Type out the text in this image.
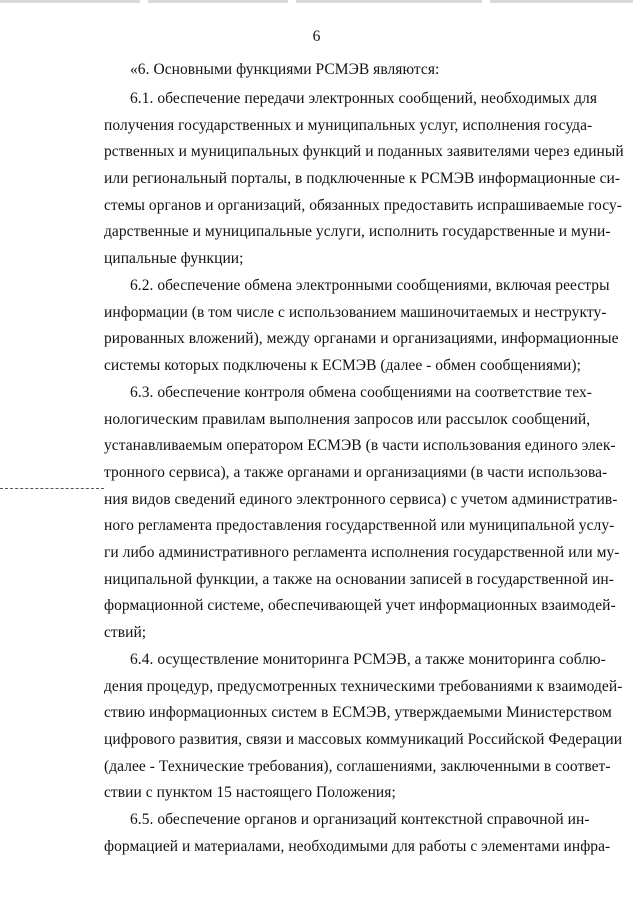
6
«6. Основными функциями РСМЭВ являются:
6.1. обеспечение передачи электронных сообщений, необходимых для
получения государственных и муниципальных услуг, исполнения госуда-
рственных и муниципальных функций и поданных заявителями через единый
или региональный порталы, в подключенные к РСМЭВ информационные си-
стемы органов и организаций, обязанных предоставить испрашиваемые госу-
дарственные и муниципальные услуги, исполнить государственные и муни-
ципальные функции;
6.2. обеспечение обмена электронными сообщениями, включая реестры
информации (в том числе с использованием машиночитаемых и неструкту-
рированных вложений), между органами и организациями, информационные
системы которых подключены к ЕСМЭВ (далее - обмен сообщениями);
6.3. обеспечение контроля обмена сообщениями на соответствие тех-
нологическим правилам выполнения запросов или рассылок сообщений,
устанавливаемым оператором ЕСМЭВ (в части использования единого элек-
тронного сервиса), а также органами и организациями (в части использова-
ния видов сведений единого электронного сервиса) с учетом административ-
ного регламента предоставления государственной или муниципальной услу-
ги либо административного регламента исполнения государственной или му-
ниципальной функции, а также на основании записей в государственной ин-
формационной системе, обеспечивающей учет информационных взаимодей-
ствий;
6.4. осуществление мониторинга РСМЭВ, а также мониторинга соблю-
дения процедур, предусмотренных техническими требованиями к взаимодей-
ствию информационных систем в ЕСМЭВ, утверждаемыми Министерством
цифрового развития, связи и массовых коммуникаций Российской Федерации
(далее - Технические требования), соглашениями, заключенными в соответ-
ствии с пунктом 15 настоящего Положения;
6.5. обеспечение органов и организаций контекстной справочной ин-
формацией и материалами, необходимыми для работы с элементами инфра-
